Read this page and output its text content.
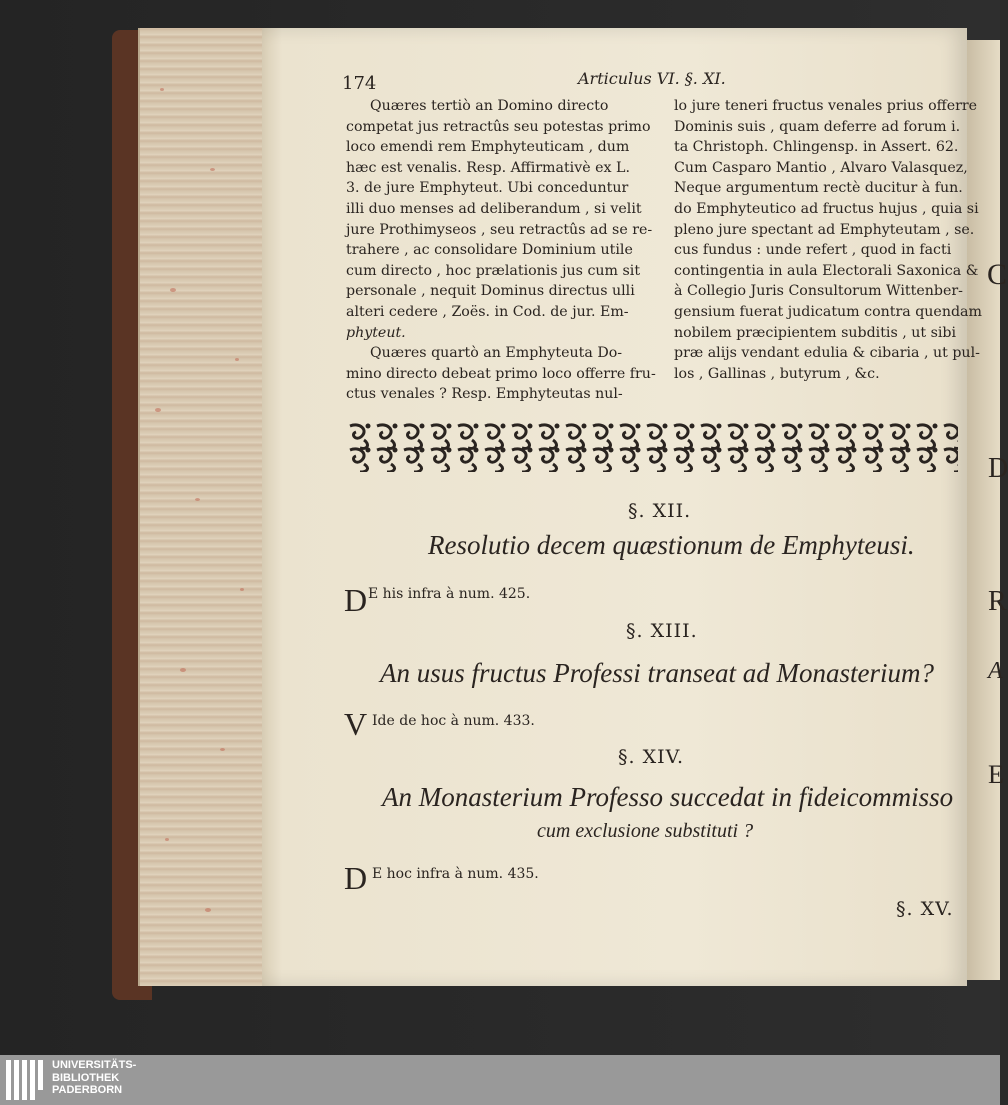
174	Articulus VI. §. XI.
Quæres tertiò an Domino directo
competat jus retractûs seu potestas primo
loco emendi rem Emphyteuticam , dum
hæc est venalis. Resp. Affirmativè ex L.
3. de jure Emphyteut. Ubi conceduntur
illi duo menses ad deliberandum , si velit
jure Prothimyseos , seu retractûs ad se re-
trahere , ac consolidare Dominium utile
cum directo , hoc prælationis jus cum sit
personale , nequit Dominus directus ulli
alteri cedere , Zoës. in Cod. de jur. Em-
phyteut.
Quæres quartò an Emphyteuta Do-
mino directo debeat primo loco offerre fru-
ctus venales ? Resp. Emphyteutas nul-
lo jure teneri fructus venales prius offerre
Dominis suis , quam deferre ad forum i.
ta Christoph. Chlingensp. in Assert. 62.
Cum Casparo Mantio , Alvaro Valasquez,
Neque argumentum rectè ducitur à fun.
do Emphyteutico ad fructus hujus , quia si
pleno jure spectant ad Emphyteutam , se.
cus fundus : unde refert , quod in facti
contingentia in aula Electorali Saxonica &
à Collegio Juris Consultorum Wittenber-
gensium fuerat judicatum contra quendam
nobilem præcipientem subditis , ut sibi
præ alijs vendant edulia & cibaria , ut pul-
los , Gallinas , butyrum , &c.
§. XII.
Resolutio decem quæstionum de Emphyteusi.
D E his infra à num. 425.
§. XIII.
An usus fructus Professi transeat ad Monasterium?
V Ide de hoc à num. 433.
§. XIV.
An Monasterium Professo succedat in fideicommisso
cum exclusione substituti ?
D E hoc infra à num. 435.
§. XV.
C
D
R
A
E
UNIVERSITÄTS-
BIBLIOTHEK
PADERBORN
